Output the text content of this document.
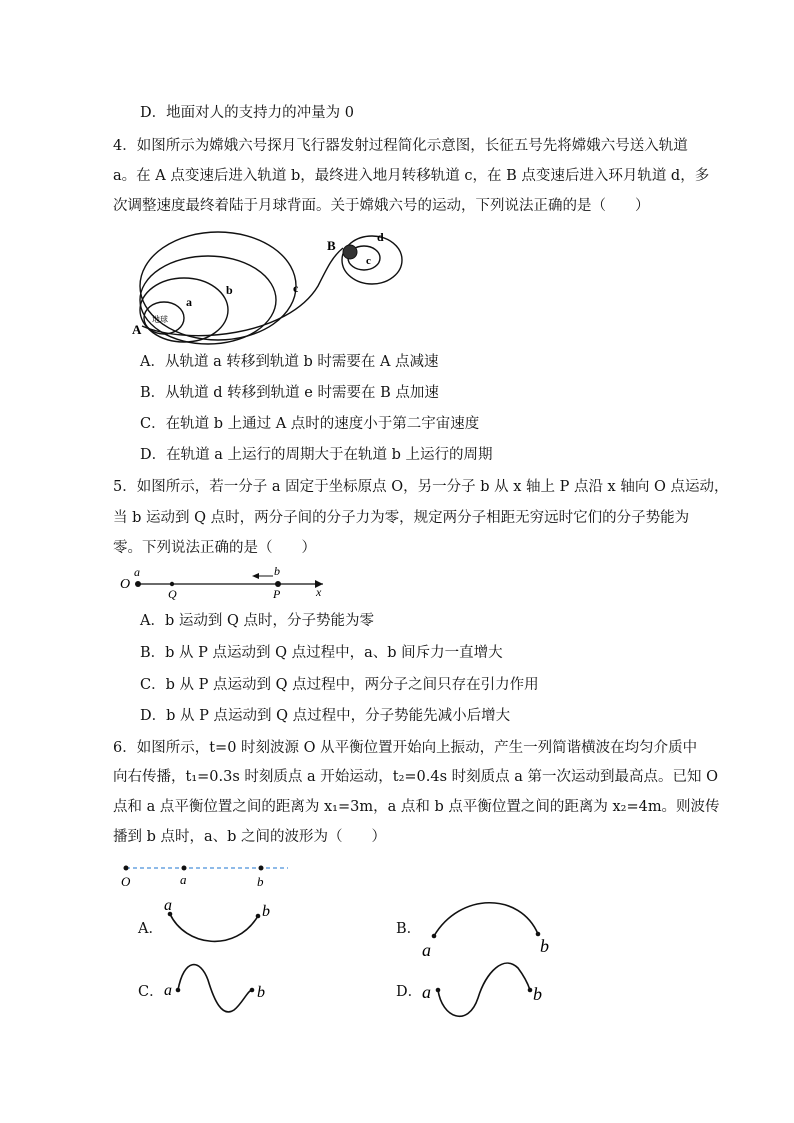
D．地面对人的支持力的冲量为 0
4．如图所示为嫦娥六号探月飞行器发射过程简化示意图，长征五号先将嫦娥六号送入轨道
a。在 A 点变速后进入轨道 b，最终进入地月转移轨道 c，在 B 点变速后进入环月轨道 d，多
次调整速度最终着陆于月球背面。关于嫦娥六号的运动，下列说法正确的是（　　）
A
B
a
b	c
c
d
地球
A．从轨道 a 转移到轨道 b 时需要在 A 点减速
B．从轨道 d 转移到轨道 e 时需要在 B 点加速
C．在轨道 b 上通过 A 点时的速度小于第二宇宙速度
D．在轨道 a 上运行的周期大于在轨道 b 上运行的周期
5．如图所示，若一分子 a 固定于坐标原点 O，另一分子 b 从 x 轴上 P 点沿 x 轴向 O 点运动，
当 b 运动到 Q 点时，两分子间的分子力为零，规定两分子相距无穷远时它们的分子势能为
零。下列说法正确的是（　　）
O
a
Q
b
P	x
A．b 运动到 Q 点时，分子势能为零
B．b 从 P 点运动到 Q 点过程中，a、b 间斥力一直增大
C．b 从 P 点运动到 Q 点过程中，两分子之间只存在引力作用
D．b 从 P 点运动到 Q 点过程中，分子势能先减小后增大
6．如图所示，t=0 时刻波源 O 从平衡位置开始向上振动，产生一列简谐横波在均匀介质中
向右传播，t₁=0.3s 时刻质点 a 开始运动，t₂=0.4s 时刻质点 a 第一次运动到最高点。已知 O
点和 a 点平衡位置之间的距离为 x₁=3m，a 点和 b 点平衡位置之间的距离为 x₂=4m。则波传
播到 b 点时，a、b 之间的波形为（　　）
O	a	b
A．
a	b
B．
a	b
C． a	b	D． a	b
